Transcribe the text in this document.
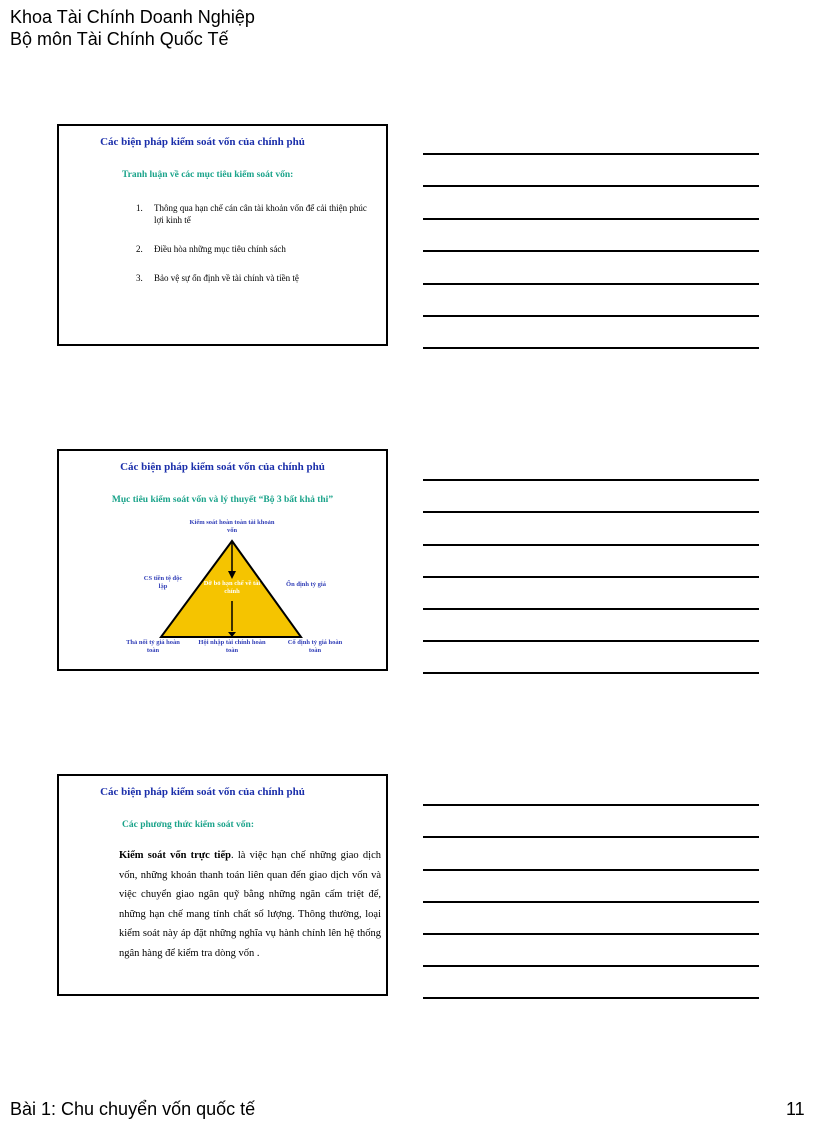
Khoa Tài Chính Doanh Nghiệp
Bộ môn Tài Chính Quốc Tế
Các biện pháp kiểm soát vốn của chính phủ
Tranh luận về các mục tiêu kiểm soát vốn:
1.	Thông qua hạn chế cán cân tài khoản vốn để cải thiện phúc lợi kinh tế
2.	Điều hòa những mục tiêu chính sách
3.	Bảo vệ sự ổn định về tài chính và tiền tệ
Các biện pháp kiểm soát vốn của chính phủ
Mục tiêu kiểm soát vốn và lý thuyết “Bộ 3 bất khả thi”
Kiểm soát hoàn toàn tài khoản vốn
CS tiền tệ độc lập	Ổn định tỷ giá
Dỡ bỏ hạn chế về tài chính
Thả nổi tỷ giá hoàn toàn
Hội nhập tài chính hoàn toàn
Cố định tỷ giá hoàn toàn
Các biện pháp kiểm soát vốn của chính phủ
Các phương thức kiểm soát vốn:
Kiểm soát vốn trực tiếp. là việc hạn chế những giao dịch vốn, những khoản thanh toán liên quan đến giao dịch vốn và việc chuyển giao ngân quỹ bằng những ngăn cấm triệt để, những hạn chế mang tính chất số lượng. Thông thường, loại kiểm soát này áp đặt những nghĩa vụ hành chính lên hệ thống ngân hàng để kiểm tra dòng vốn .
Bài 1: Chu chuyển vốn quốc tế	11
